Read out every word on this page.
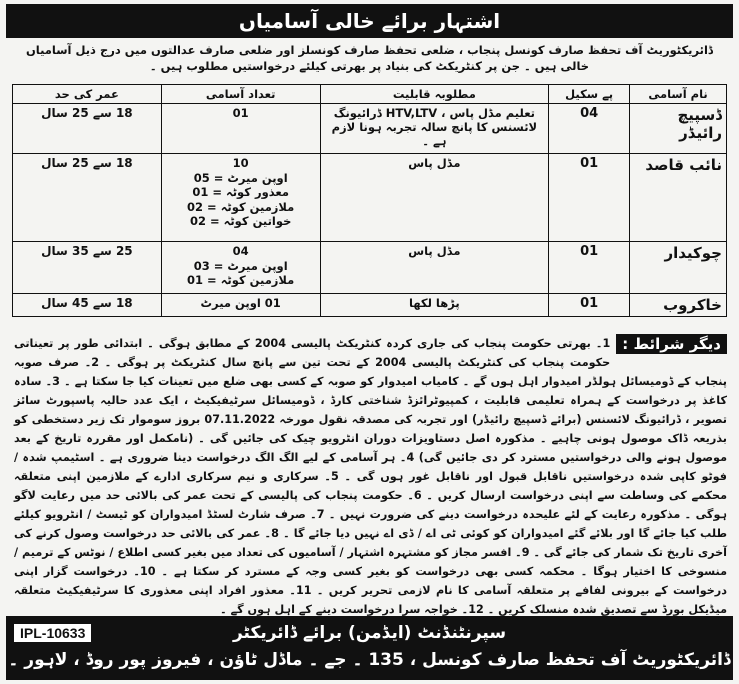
اشتہار برائے خالی آسامیاں
ڈائریکٹوریٹ آف تحفظ صارف کونسل پنجاب ، ضلعی تحفظ صارف کونسلز اور ضلعی صارف عدالتوں میں درج ذیل آسامیاں خالی ہیں ۔ جن پر کنٹریکٹ کی بنیاد پر بھرتی کیلئے درخواستیں مطلوب ہیں ۔
نام آسامی	پے سکیل	مطلوبہ قابلیت	تعداد آسامی	عمر کی حد
ڈسپیچ رائیڈر	04	تعلیم مڈل پاس ، HTV,LTV ڈرائیونگ لائسنس کا پانچ سالہ تجربہ ہونا لازم ہے ۔	01	18 سے 25 سال
نائب قاصد	01	مڈل پاس	10
اوپن میرٹ = 05
معذور کوٹہ = 01
ملازمین کوٹہ = 02
خواتین کوٹہ = 02	18 سے 25 سال
چوکیدار	01	مڈل پاس	04
اوپن میرٹ = 03
ملازمین کوٹہ = 01	25 سے 35 سال
خاکروب	01	پڑھا لکھا	01 اوپن میرٹ	18 سے 45 سال
دیگر شرائط :
1۔ بھرتی حکومت پنجاب کی جاری کردہ کنٹریکٹ پالیسی 2004 کے مطابق ہوگی ۔ ابتدائی طور پر تعیناتی حکومت پنجاب کی کنٹریکٹ پالیسی 2004 کے تحت تین سے پانچ سال کنٹریکٹ پر ہوگی ۔ 2۔ صرف صوبہ پنجاب کے ڈومیسائل ہولڈر امیدوار اہل ہوں گے ۔ کامیاب امیدوار کو صوبہ کے کسی بھی ضلع میں تعینات کیا جا سکتا ہے ۔ 3۔ سادہ کاغذ پر درخواست کے ہمراہ تعلیمی قابلیت ، کمپیوٹرائزڈ شناختی کارڈ ، ڈومیسائل سرٹیفیکیٹ ، ایک عدد حالیہ پاسپورٹ سائز تصویر ، ڈرائیونگ لائسنس (برائے ڈسپیچ رائیڈر) اور تجربہ کی مصدقہ نقول مورخہ 07.11.2022 بروز سوموار تک زیر دستخطی کو بذریعہ ڈاک موصول ہونی چاہیے ۔ مذکورہ اصل دستاویزات دوران انٹرویو چیک کی جائیں گی ۔ (نامکمل اور مقررہ تاریخ کے بعد موصول ہونے والی درخواستیں مسترد کر دی جائیں گی) 4۔ ہر آسامی کے لیے الگ الگ درخواست دینا ضروری ہے ۔ اسٹیمپ شدہ / فوٹو کاپی شدہ درخواستیں ناقابل قبول اور ناقابل غور ہوں گی ۔ 5۔ سرکاری و نیم سرکاری ادارے کے ملازمین اپنی متعلقہ محکمے کی وساطت سے اپنی درخواست ارسال کریں ۔ 6۔ حکومت پنجاب کی پالیسی کے تحت عمر کی بالائی حد میں رعایت لاگو ہوگی ۔ مذکورہ رعایت کے لئے علیحدہ درخواست دینے کی ضرورت نہیں ۔ 7۔ صرف شارٹ لسٹڈ امیدواران کو ٹیسٹ / انٹرویو کیلئے طلب کیا جائے گا اور بلائے گئے امیدواران کو کوئی ٹی اے / ڈی اے نہیں دیا جائے گا ۔ 8۔ عمر کی بالائی حد درخواست وصول کرنے کی آخری تاریخ تک شمار کی جائے گی ۔ 9۔ افسر مجاز کو مشتہرہ اشتہار / آسامیوں کی تعداد میں بغیر کسی اطلاع / نوٹس کے ترمیم / منسوخی کا اختیار ہوگا ۔ محکمہ کسی بھی درخواست کو بغیر کسی وجہ کے مسترد کر سکتا ہے ۔ 10۔ درخواست گزار اپنی درخواست کے بیرونی لفافے پر متعلقہ آسامی کا نام لازمی تحریر کریں ۔ 11۔ معذور افراد اپنی معذوری کا سرٹیفیکیٹ متعلقہ میڈیکل بورڈ سے تصدیق شدہ منسلک کریں ۔ 12۔ خواجہ سرا درخواست دینے کے اہل ہوں گے ۔
IPL-10633	سپرنٹنڈنٹ (ایڈمن) برائے ڈائریکٹر
ڈائریکٹوریٹ آف تحفظ صارف کونسل ، 135 ۔ جے ۔ ماڈل ٹاؤن ، فیروز پور روڈ ، لاہور ۔
